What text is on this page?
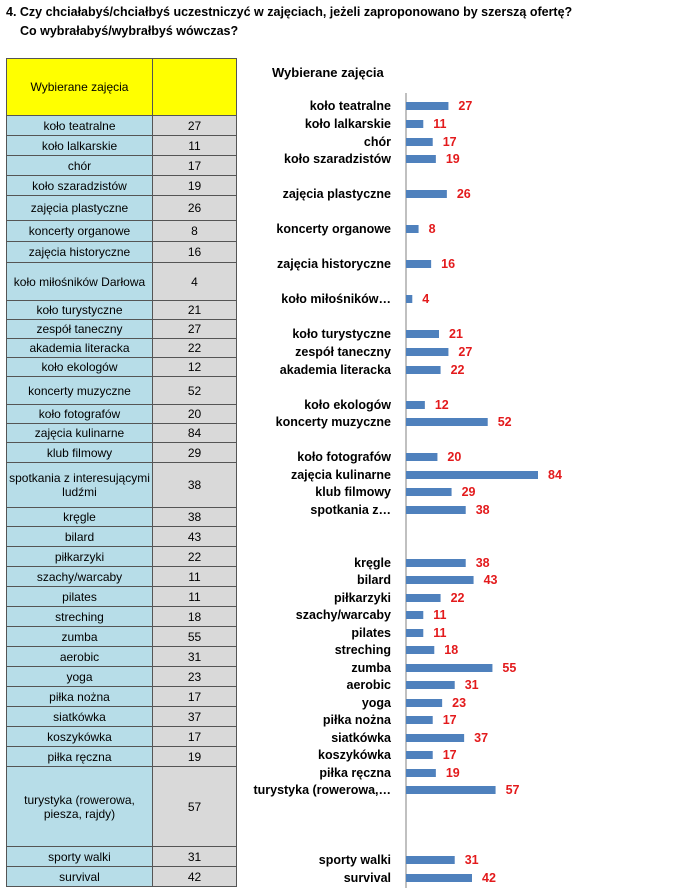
4. Czy chciałabyś/chciałbyś uczestniczyć w zajęciach, jeżeli zaproponowano by szerszą ofertę?
Co wybrałabyś/wybrałbyś wówczas?
Wybierane zajęcia	
koło teatralne	27
koło lalkarskie	11
chór	17
koło szaradzistów	19
zajęcia plastyczne	26
koncerty organowe	8
zajęcia historyczne	16
koło miłośników Darłowa	4
koło turystyczne	21
zespół taneczny	27
akademia literacka	22
koło ekologów	12
koncerty muzyczne	52
koło fotografów	20
zajęcia kulinarne	84
klub filmowy	29
spotkania z interesującymi ludźmi	38
kręgle	38
bilard	43
piłkarzyki	22
szachy/warcaby	11
pilates	11
streching	18
zumba	55
aerobic	31
yoga	23
piłka nożna	17
siatkówka	37
koszykówka	17
piłka ręczna	19
turystyka (rowerowa, piesza, rajdy)	57
sporty walki	31
survival	42
Wybierane zajęcia
koło teatralne	27
koło lalkarskie	11
chór	17
koło szaradzistów	19
zajęcia plastyczne	26
koncerty organowe	8
zajęcia historyczne	16
koło miłośników…	4
koło turystyczne	21
zespół taneczny	27
akademia literacka	22
koło ekologów	12
koncerty muzyczne	52
koło fotografów	20
zajęcia kulinarne	84
klub filmowy	29
spotkania z…	38
kręgle	38
bilard	43
piłkarzyki	22
szachy/warcaby	11
pilates	11
streching	18
zumba	55
aerobic	31
yoga	23
piłka nożna	17
siatkówka	37
koszykówka	17
piłka ręczna	19
turystyka (rowerowa,…	57
sporty walki	31
survival	42
